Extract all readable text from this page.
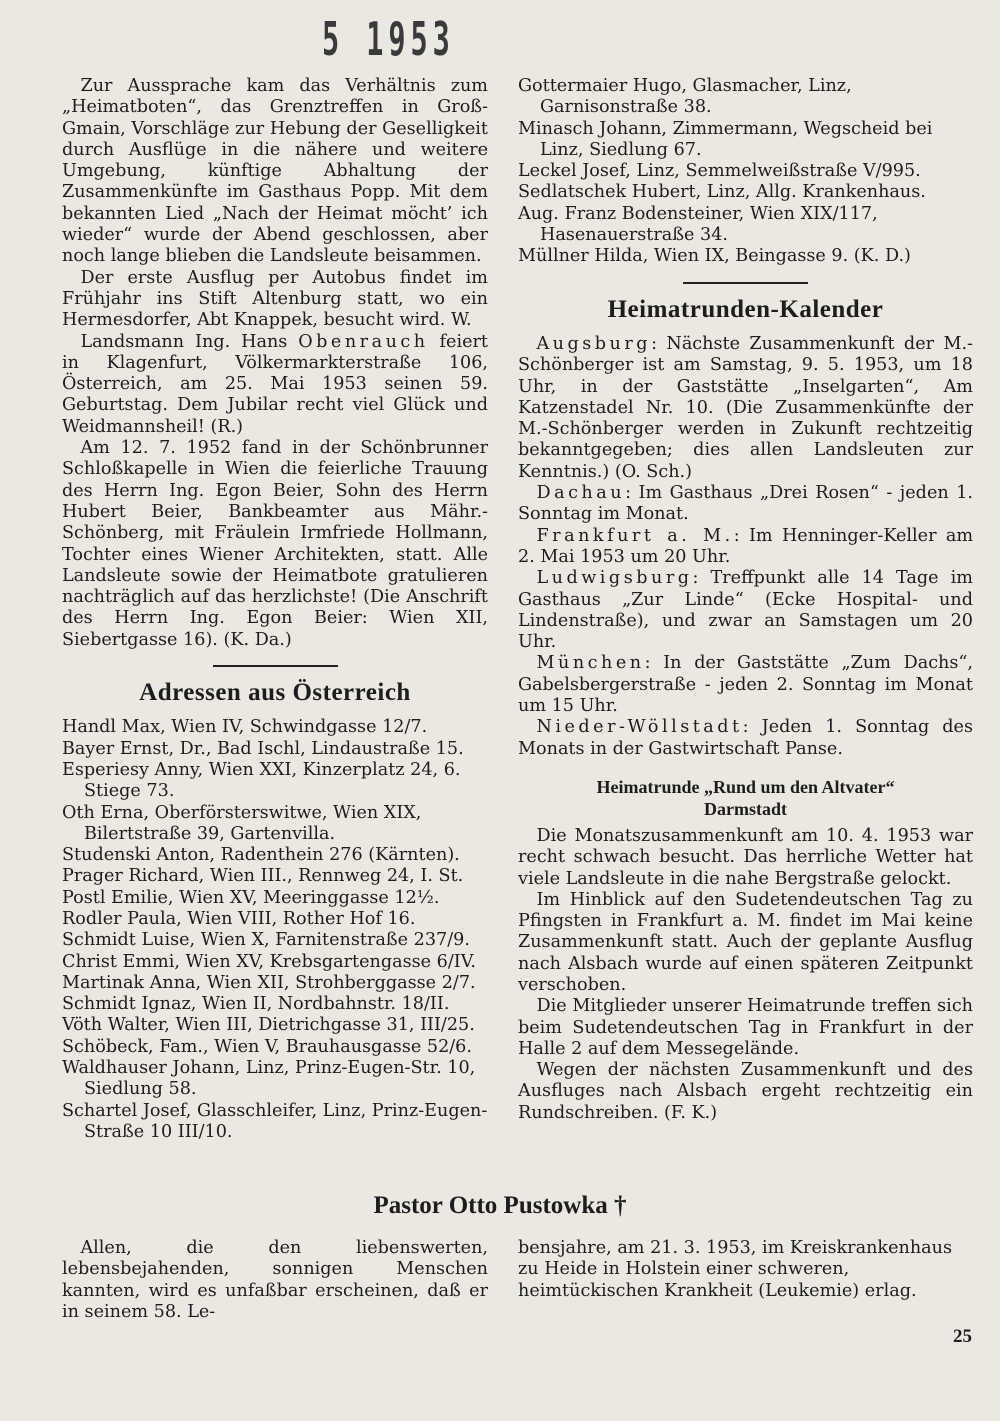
5 1953

Zur Aussprache kam das Verhältnis zum „Heimatboten“, das Grenztreffen in Groß-Gmain, Vorschläge zur Hebung der Geselligkeit durch Ausflüge in die nähere und weitere Umgebung, künftige Abhaltung der Zusammenkünfte im Gasthaus Popp. Mit dem bekannten Lied „Nach der Heimat möcht’ ich wieder“ wurde der Abend geschlossen, aber noch lange blieben die Landsleute beisammen.

Der erste Ausflug per Autobus findet im Frühjahr ins Stift Altenburg statt, wo ein Hermesdorfer, Abt Knappek, besucht wird. W.

Landsmann Ing. Hans Obenrauch feiert in Klagenfurt, Völkermarkterstraße 106, Österreich, am 25. Mai 1953 seinen 59. Geburtstag. Dem Jubilar recht viel Glück und Weidmannsheil! (R.)

Am 12. 7. 1952 fand in der Schönbrunner Schloßkapelle in Wien die feierliche Trauung des Herrn Ing. Egon Beier, Sohn des Herrn Hubert Beier, Bankbeamter aus Mähr.-Schönberg, mit Fräulein Irmfriede Hollmann, Tochter eines Wiener Architekten, statt. Alle Landsleute sowie der Heimatbote gratulieren nachträglich auf das herzlichste! (Die Anschrift des Herrn Ing. Egon Beier: Wien XII, Siebertgasse 16). (K. Da.)

Adressen aus Österreich

Handl Max, Wien IV, Schwindgasse 12/7.

Bayer Ernst, Dr., Bad Ischl, Lindaustraße 15.

Esperiesy Anny, Wien XXI, Kinzerplatz 24, 6. Stiege 73.

Oth Erna, Oberförsterswitwe, Wien XIX, Bilertstraße 39, Gartenvilla.

Studenski Anton, Radenthein 276 (Kärnten).

Prager Richard, Wien III., Rennweg 24, I. St.

Postl Emilie, Wien XV, Meeringgasse 12½.

Rodler Paula, Wien VIII, Rother Hof 16.

Schmidt Luise, Wien X, Farnitenstraße 237/9.

Christ Emmi, Wien XV, Krebsgartengasse 6/IV.

Martinak Anna, Wien XII, Strohberggasse 2/7.

Schmidt Ignaz, Wien II, Nordbahnstr. 18/II.

Vöth Walter, Wien III, Dietrichgasse 31, III/25.

Schöbeck, Fam., Wien V, Brauhausgasse 52/6.

Waldhauser Johann, Linz, Prinz-Eugen-Str. 10, Siedlung 58.

Schartel Josef, Glasschleifer, Linz, Prinz-Eugen-Straße 10 III/10.

Gottermaier Hugo, Glasmacher, Linz, Garnisonstraße 38.

Minasch Johann, Zimmermann, Wegscheid bei Linz, Siedlung 67.

Leckel Josef, Linz, Semmelweißstraße V/995.

Sedlatschek Hubert, Linz, Allg. Krankenhaus.

Aug. Franz Bodensteiner, Wien XIX/117, Hasenauerstraße 34.

Müllner Hilda, Wien IX, Beingasse 9. (K. D.)

Heimatrunden-Kalender

Augsburg: Nächste Zusammenkunft der M.-Schönberger ist am Samstag, 9. 5. 1953, um 18 Uhr, in der Gaststätte „Inselgarten“, Am Katzenstadel Nr. 10. (Die Zusammenkünfte der M.-Schönberger werden in Zukunft rechtzeitig bekanntgegeben; dies allen Landsleuten zur Kenntnis.) (O. Sch.)

Dachau: Im Gasthaus „Drei Rosen“ - jeden 1. Sonntag im Monat.

Frankfurt a. M.: Im Henninger-Keller am 2. Mai 1953 um 20 Uhr.

Ludwigsburg: Treffpunkt alle 14 Tage im Gasthaus „Zur Linde“ (Ecke Hospital- und Lindenstraße), und zwar an Samstagen um 20 Uhr.

München: In der Gaststätte „Zum Dachs“, Gabelsbergerstraße - jeden 2. Sonntag im Monat um 15 Uhr.

Nieder-Wöllstadt: Jeden 1. Sonntag des Monats in der Gastwirtschaft Panse.

Heimatrunde „Rund um den Altvater“
Darmstadt

Die Monatszusammenkunft am 10. 4. 1953 war recht schwach besucht. Das herrliche Wetter hat viele Landsleute in die nahe Bergstraße gelockt.

Im Hinblick auf den Sudetendeutschen Tag zu Pfingsten in Frankfurt a. M. findet im Mai keine Zusammenkunft statt. Auch der geplante Ausflug nach Alsbach wurde auf einen späteren Zeitpunkt verschoben.

Die Mitglieder unserer Heimatrunde treffen sich beim Sudetendeutschen Tag in Frankfurt in der Halle 2 auf dem Messegelände.

Wegen der nächsten Zusammenkunft und des Ausfluges nach Alsbach ergeht rechtzeitig ein Rundschreiben. (F. K.)

Pastor Otto Pustowka †

Allen, die den liebenswerten, lebensbejahenden, sonnigen Menschen kannten, wird es unfaßbar erscheinen, daß er in seinem 58. Le-

bensjahre, am 21. 3. 1953, im Kreiskrankenhaus zu Heide in Holstein einer schweren, heimtückischen Krankheit (Leukemie) erlag.

25
